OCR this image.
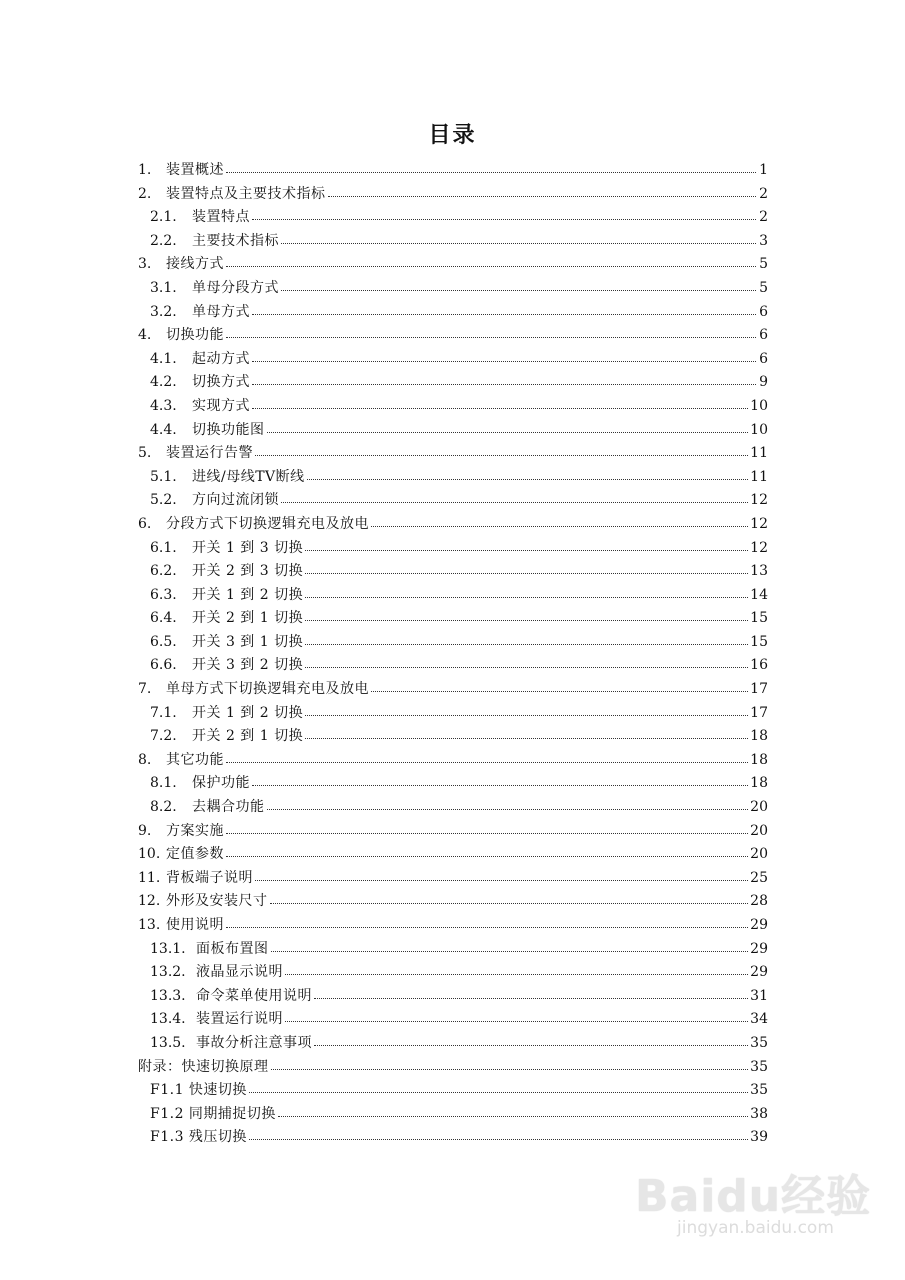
目录
1.	装置概述	1
2.	装置特点及主要技术指标	2
2.1.	装置特点	2
2.2.	主要技术指标	3
3.	接线方式	5
3.1.	单母分段方式	5
3.2.	单母方式	6
4.	切换功能	6
4.1.	起动方式	6
4.2.	切换方式	9
4.3.	实现方式	10
4.4.	切换功能图	10
5.	装置运行告警	11
5.1.	进线/母线TV断线	11
5.2.	方向过流闭锁	12
6.	分段方式下切换逻辑充电及放电	12
6.1.	开关 1 到 3 切换	12
6.2.	开关 2 到 3 切换	13
6.3.	开关 1 到 2 切换	14
6.4.	开关 2 到 1 切换	15
6.5.	开关 3 到 1 切换	15
6.6.	开关 3 到 2 切换	16
7.	单母方式下切换逻辑充电及放电	17
7.1.	开关 1 到 2 切换	17
7.2.	开关 2 到 1 切换	18
8.	其它功能	18
8.1.	保护功能	18
8.2.	去耦合功能	20
9.	方案实施	20
10. 定值参数	20
11. 背板端子说明	25
12. 外形及安装尺寸	28
13. 使用说明	29
13.1. 面板布置图	29
13.2. 液晶显示说明	29
13.3. 命令菜单使用说明	31
13.4. 装置运行说明	34
13.5. 事故分析注意事项	35
附录：快速切换原理	35
F1.1 快速切换	35
F1.2 同期捕捉切换	38
F1.3 残压切换	39
Baidu经验
jingyan.baidu.com
